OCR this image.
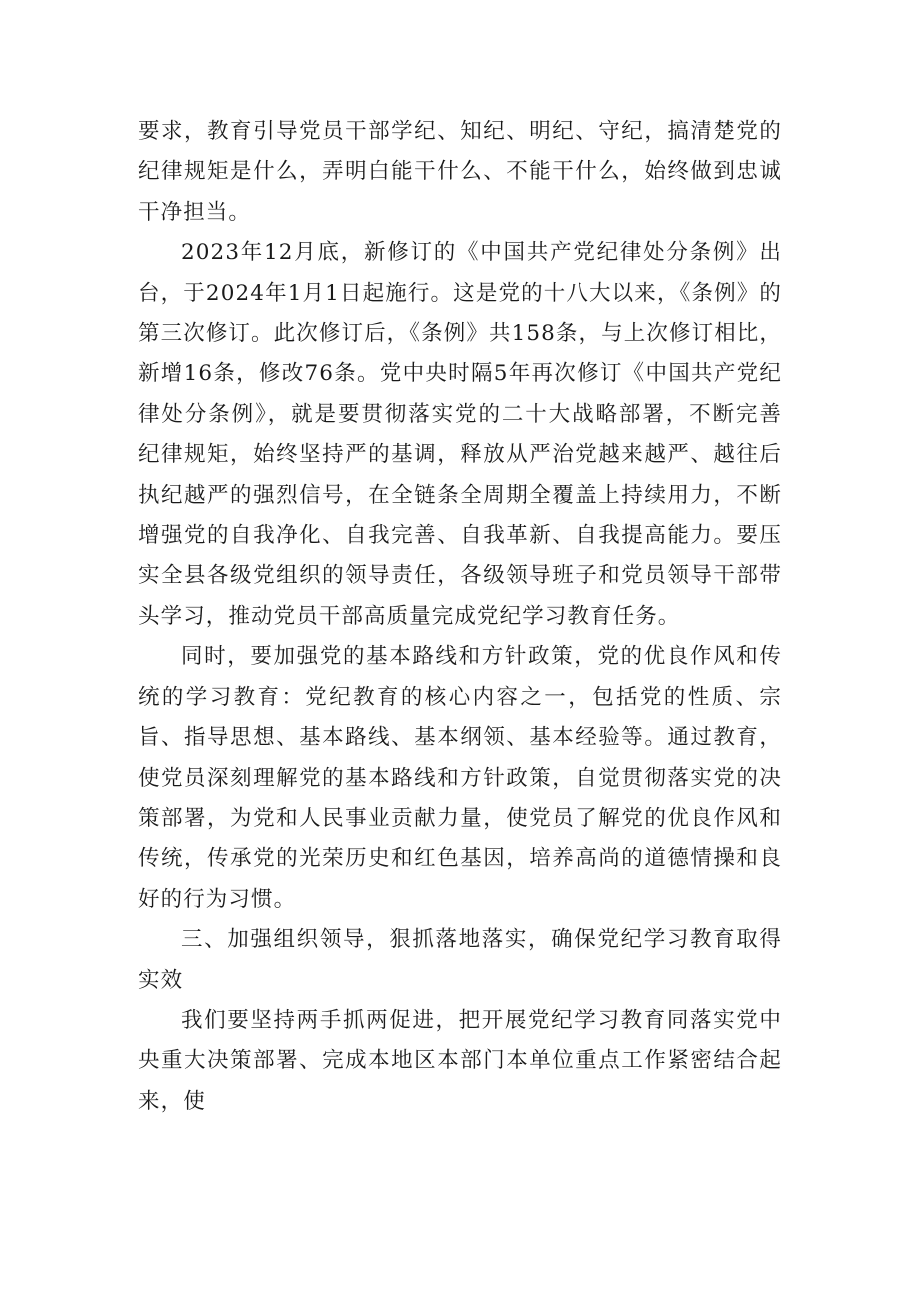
要求，教育引导党员干部学纪、知纪、明纪、守纪，搞清楚党的纪律规矩是什么，弄明白能干什么、不能干什么，始终做到忠诚干净担当。

2023年12月底，新修订的《中国共产党纪律处分条例》出台，于2024年1月1日起施行。这是党的十八大以来，《条例》的第三次修订。此次修订后，《条例》共158条，与上次修订相比，新增16条，修改76条。党中央时隔5年再次修订《中国共产党纪律处分条例》，就是要贯彻落实党的二十大战略部署，不断完善纪律规矩，始终坚持严的基调，释放从严治党越来越严、越往后执纪越严的强烈信号，在全链条全周期全覆盖上持续用力，不断增强党的自我净化、自我完善、自我革新、自我提高能力。要压实全县各级党组织的领导责任，各级领导班子和党员领导干部带头学习，推动党员干部高质量完成党纪学习教育任务。

同时，要加强党的基本路线和方针政策，党的优良作风和传统的学习教育：党纪教育的核心内容之一，包括党的性质、宗旨、指导思想、基本路线、基本纲领、基本经验等。通过教育，使党员深刻理解党的基本路线和方针政策，自觉贯彻落实党的决策部署，为党和人民事业贡献力量，使党员了解党的优良作风和传统，传承党的光荣历史和红色基因，培养高尚的道德情操和良好的行为习惯。

三、加强组织领导，狠抓落地落实，确保党纪学习教育取得实效

我们要坚持两手抓两促进，把开展党纪学习教育同落实党中央重大决策部署、完成本地区本部门本单位重点工作紧密结合起来，使
